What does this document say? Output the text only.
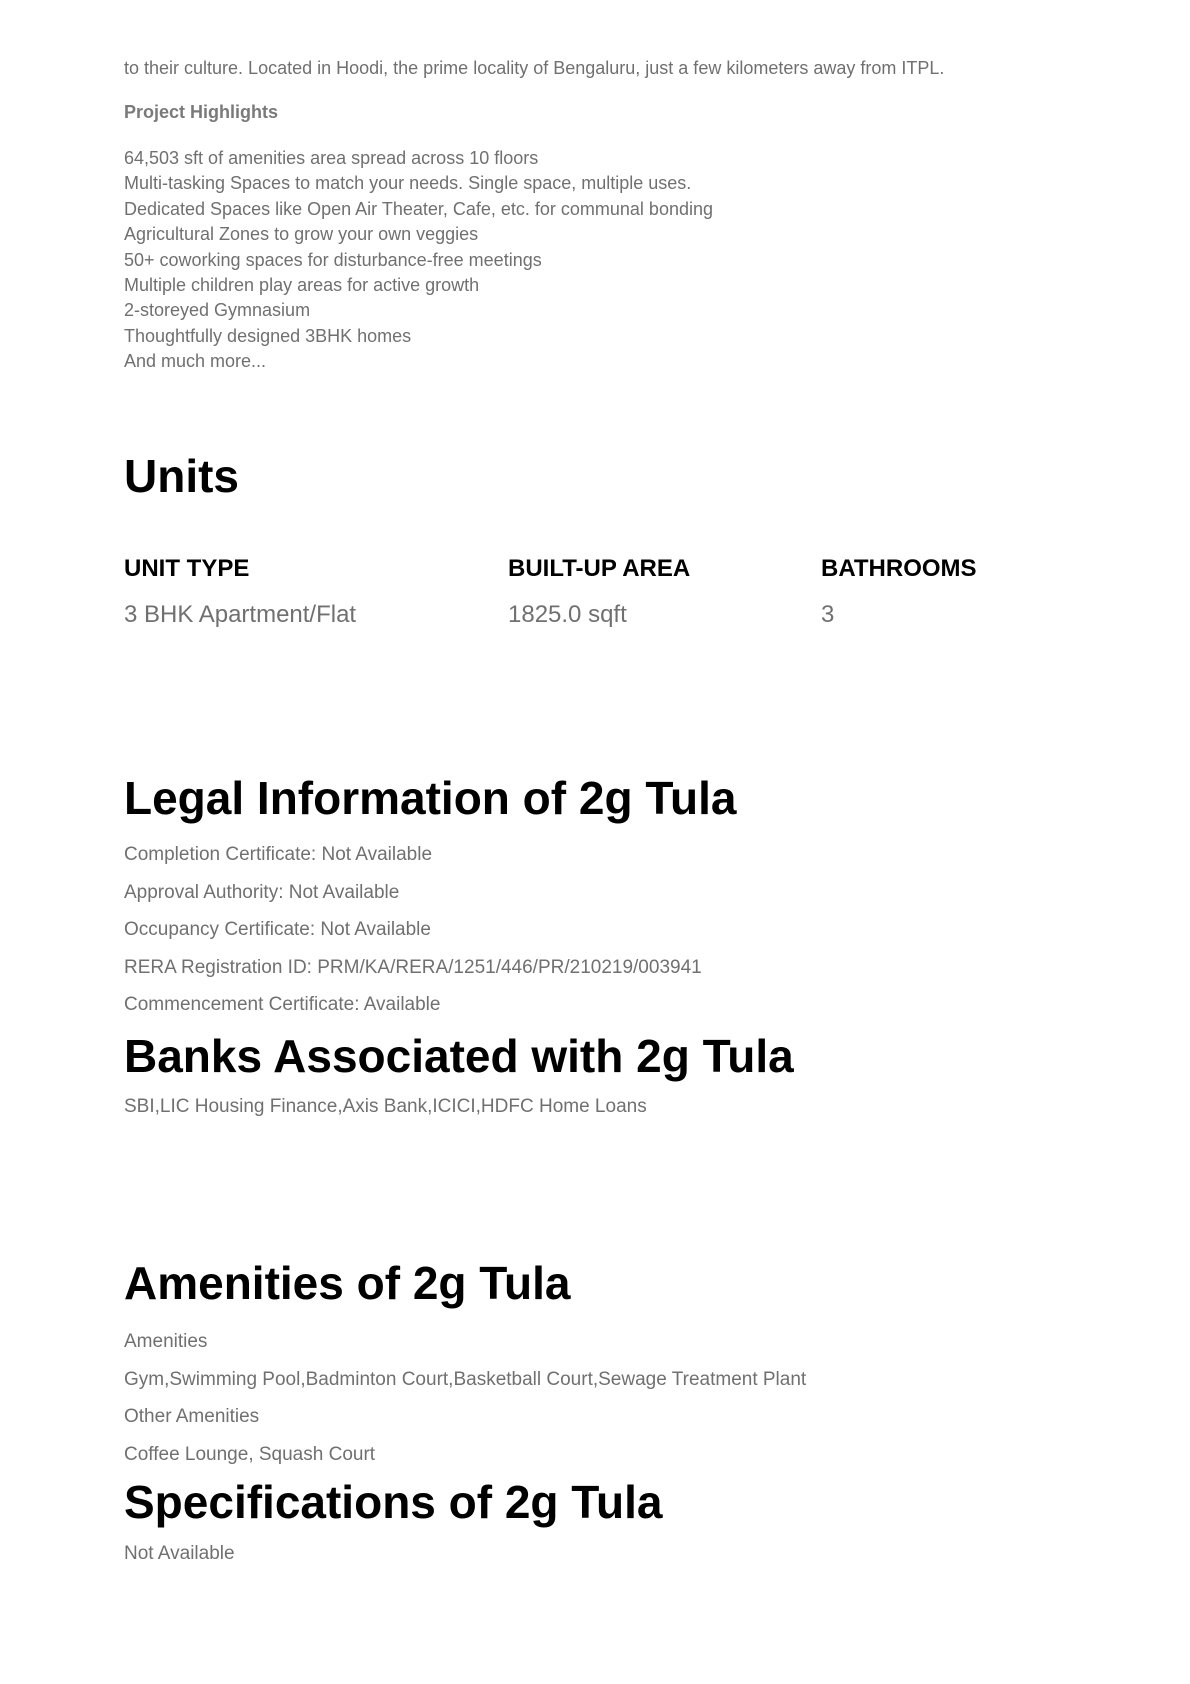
to their culture. Located in Hoodi, the prime locality of Bengaluru, just a few kilometers away from ITPL.
Project Highlights
64,503 sft of amenities area spread across 10 floors
Multi-tasking Spaces to match your needs. Single space, multiple uses.
Dedicated Spaces like Open Air Theater, Cafe, etc. for communal bonding
Agricultural Zones to grow your own veggies
50+ coworking spaces for disturbance-free meetings
Multiple children play areas for active growth
2-storeyed Gymnasium
Thoughtfully designed 3BHK homes
And much more...
Units
UNIT TYPE	BUILT-UP AREA	BATHROOMS
3 BHK Apartment/Flat	1825.0 sqft	3
Legal Information of 2g Tula
Completion Certificate: Not Available
Approval Authority: Not Available
Occupancy Certificate: Not Available
RERA Registration ID: PRM/KA/RERA/1251/446/PR/210219/003941
Commencement Certificate: Available
Banks Associated with 2g Tula
SBI,LIC Housing Finance,Axis Bank,ICICI,HDFC Home Loans
Amenities of 2g Tula
Amenities
Gym,Swimming Pool,Badminton Court,Basketball Court,Sewage Treatment Plant
Other Amenities
Coffee Lounge, Squash Court
Specifications of 2g Tula
Not Available
